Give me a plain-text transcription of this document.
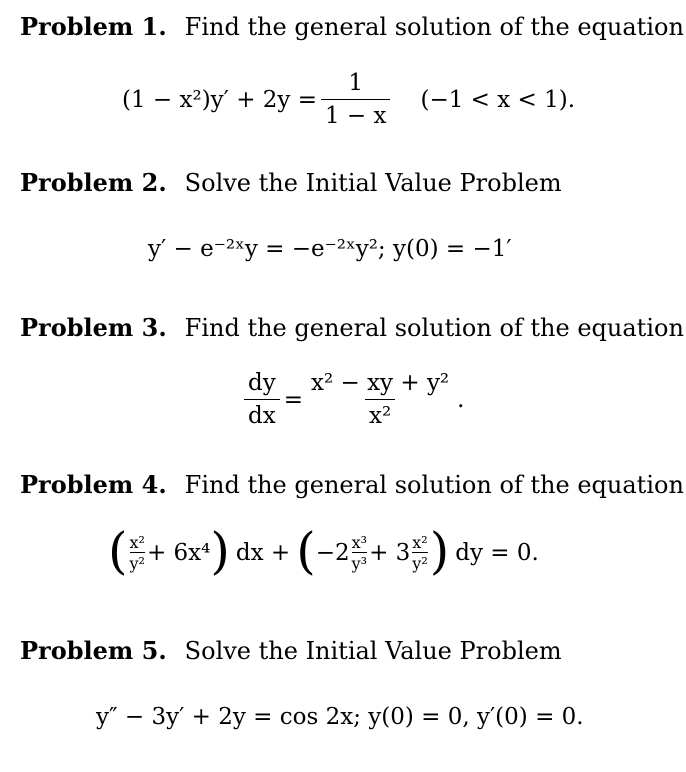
Problem 1. Find the general solution of the equation
$(1 - x^2)y' + 2y = \frac{1}{1 - x} (-1 < x < 1)$.
Problem 2. Solve the Initial Value Problem
y′ − e⁻²ˣy = −e⁻²ˣy²; y(0) = −1′
Problem 3. Find the general solution of the equation
$\frac{dy}{dx} = \frac{\text{x² − xy + y²}}{\text{x²}}$ .
Problem 4. Find the general solution of the equation
( x²
y² + 6x⁴ ) dx + ( −2 x³
y³ + 3 x²
y² ) dy = 0.
Problem 5. Solve the Initial Value Problem
y″ − 3y′ + 2y = cos 2x; y(0) = 0, y′(0) = 0.
